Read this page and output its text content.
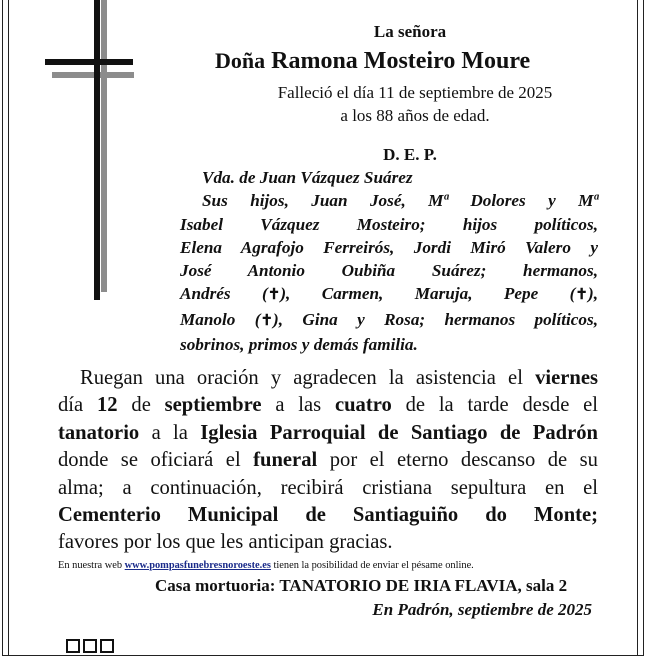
La señora
Doña Ramona Mosteiro Moure
Falleció el día 11 de septiembre de 2025
a los 88 años de edad.
D. E. P.
Vda. de Juan Vázquez Suárez
Sus hijos, Juan José, Mª Dolores y Mª
Isabel Vázquez Mosteiro; hijos políticos,
Elena Agrafojo Ferreirós, Jordi Miró Valero y
José Antonio Oubiña Suárez; hermanos,
Andrés (✝), Carmen, Maruja, Pepe (✝),
Manolo (✝), Gina y Rosa; hermanos políticos,
sobrinos, primos y demás familia.
Ruegan una oración y agradecen la asistencia el viernes
día 12 de septiembre a las cuatro de la tarde desde el
tanatorio a la Iglesia Parroquial de Santiago de Padrón
donde se oficiará el funeral por el eterno descanso de su
alma; a continuación, recibirá cristiana sepultura en el
Cementerio Municipal de Santiaguiño do Monte;
favores por los que les anticipan gracias.
En nuestra web www.pompasfunebresnoroeste.es tienen la posibilidad de enviar el pésame online.
Casa mortuoria: TANATORIO DE IRIA FLAVIA, sala 2
En Padrón, septiembre de 2025
